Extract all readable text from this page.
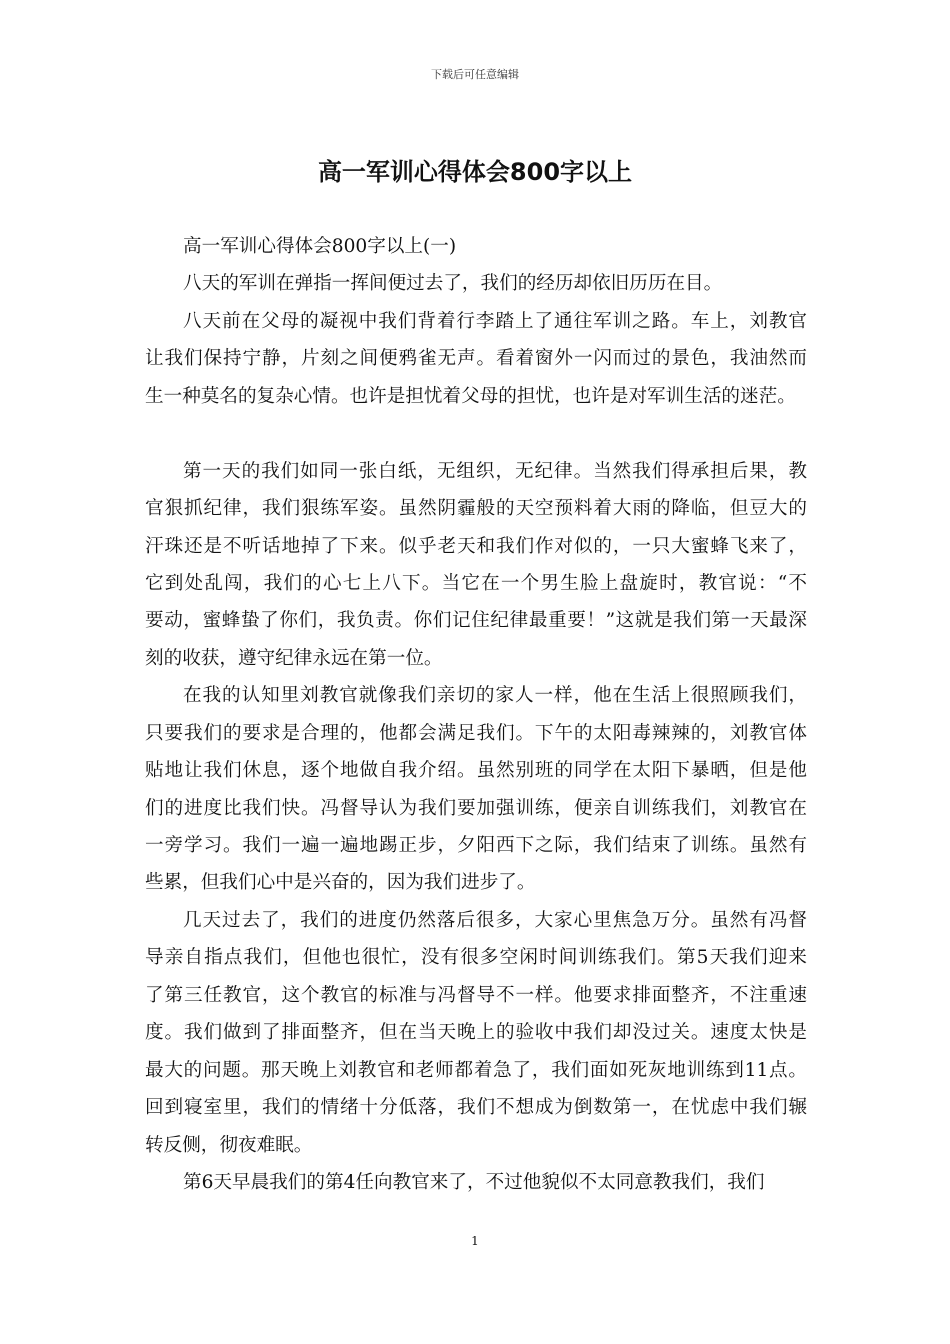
下载后可任意编辑
高一军训心得体会800字以上
高一军训心得体会800字以上(一)
八天的军训在弹指一挥间便过去了，我们的经历却依旧历历在目。
八天前在父母的凝视中我们背着行李踏上了通往军训之路。车上，刘教官
让我们保持宁静，片刻之间便鸦雀无声。看着窗外一闪而过的景色，我油然而
生一种莫名的复杂心情。也许是担忧着父母的担忧，也许是对军训生活的迷茫。
第一天的我们如同一张白纸，无组织，无纪律。当然我们得承担后果，教
官狠抓纪律，我们狠练军姿。虽然阴霾般的天空预料着大雨的降临，但豆大的
汗珠还是不听话地掉了下来。似乎老天和我们作对似的，一只大蜜蜂飞来了，
它到处乱闯，我们的心七上八下。当它在一个男生脸上盘旋时，教官说：“不
要动，蜜蜂蛰了你们，我负责。你们记住纪律最重要！”这就是我们第一天最深
刻的收获，遵守纪律永远在第一位。
在我的认知里刘教官就像我们亲切的家人一样，他在生活上很照顾我们，
只要我们的要求是合理的，他都会满足我们。下午的太阳毒辣辣的，刘教官体
贴地让我们休息，逐个地做自我介绍。虽然别班的同学在太阳下暴晒，但是他
们的进度比我们快。冯督导认为我们要加强训练，便亲自训练我们，刘教官在
一旁学习。我们一遍一遍地踢正步，夕阳西下之际，我们结束了训练。虽然有
些累，但我们心中是兴奋的，因为我们进步了。
几天过去了，我们的进度仍然落后很多，大家心里焦急万分。虽然有冯督
导亲自指点我们，但他也很忙，没有很多空闲时间训练我们。第5天我们迎来
了第三任教官，这个教官的标准与冯督导不一样。他要求排面整齐，不注重速
度。我们做到了排面整齐，但在当天晚上的验收中我们却没过关。速度太快是
最大的问题。那天晚上刘教官和老师都着急了，我们面如死灰地训练到11点。
回到寝室里，我们的情绪十分低落，我们不想成为倒数第一，在忧虑中我们辗
转反侧，彻夜难眠。
第6天早晨我们的第4任向教官来了，不过他貌似不太同意教我们，我们
1
